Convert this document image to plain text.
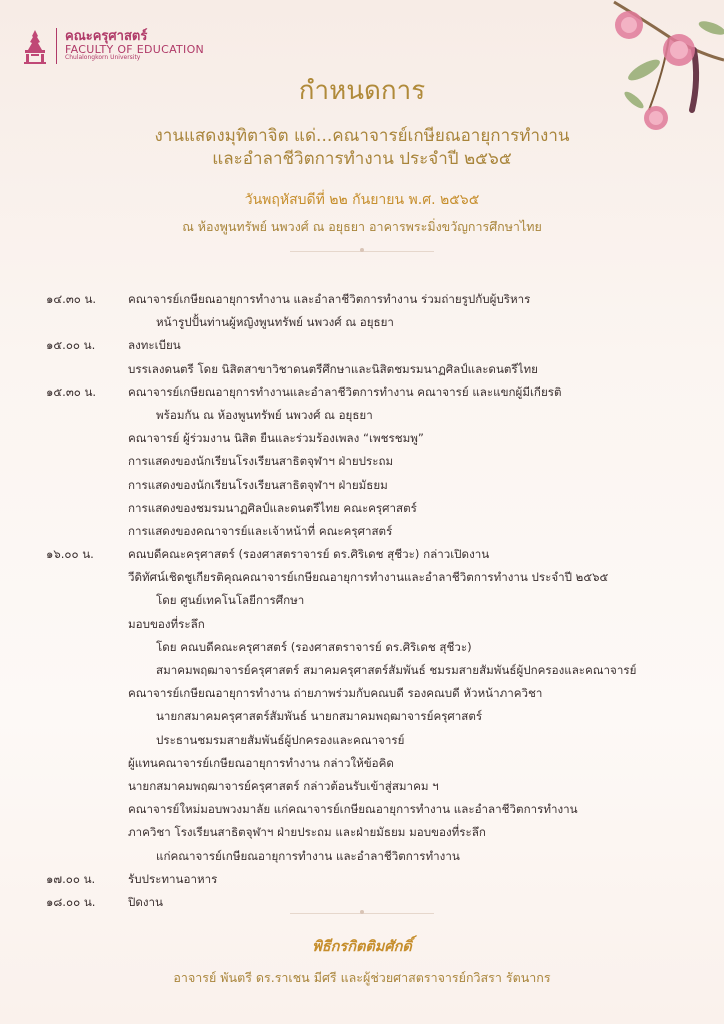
คณะครุศาสตร์
FACULTY OF EDUCATION
Chulalongkorn University
กำหนดการ
งานแสดงมุทิตาจิต แด่...คณาจารย์เกษียณอายุการทำงาน
และอำลาชีวิตการทำงาน ประจำปี ๒๕๖๕
วันพฤหัสบดีที่ ๒๒ กันยายน พ.ศ. ๒๕๖๕
ณ ห้องพูนทรัพย์ นพวงศ์ ณ อยุธยา อาคารพระมิ่งขวัญการศึกษาไทย
๑๔.๓๐ น.	คณาจารย์เกษียณอายุการทำงาน และอำลาชีวิตการทำงาน ร่วมถ่ายรูปกับผู้บริหาร
หน้ารูปปั้นท่านผู้หญิงพูนทรัพย์ นพวงศ์ ณ อยุธยา
๑๕.๐๐ น.	ลงทะเบียน
บรรเลงดนตรี โดย นิสิตสาขาวิชาดนตรีศึกษาและนิสิตชมรมนาฏศิลป์และดนตรีไทย
๑๕.๓๐ น.	คณาจารย์เกษียณอายุการทำงานและอำลาชีวิตการทำงาน คณาจารย์ และแขกผู้มีเกียรติ
พร้อมกัน ณ ห้องพูนทรัพย์ นพวงศ์ ณ อยุธยา
คณาจารย์ ผู้ร่วมงาน นิสิต ยืนและร่วมร้องเพลง “เพชรชมพู”
การแสดงของนักเรียนโรงเรียนสาธิตจุฬาฯ ฝ่ายประถม
การแสดงของนักเรียนโรงเรียนสาธิตจุฬาฯ ฝ่ายมัธยม
การแสดงของชมรมนาฏศิลป์และดนตรีไทย คณะครุศาสตร์
การแสดงของคณาจารย์และเจ้าหน้าที่ คณะครุศาสตร์
๑๖.๐๐ น.	คณบดีคณะครุศาสตร์ (รองศาสตราจารย์ ดร.ศิริเดช สุชีวะ) กล่าวเปิดงาน
วีดิทัศน์เชิดชูเกียรติคุณคณาจารย์เกษียณอายุการทำงานและอำลาชีวิตการทำงาน ประจำปี ๒๕๖๕
โดย ศูนย์เทคโนโลยีการศึกษา
มอบของที่ระลึก
โดย คณบดีคณะครุศาสตร์ (รองศาสตราจารย์ ดร.ศิริเดช สุชีวะ)
สมาคมพฤฒาจารย์ครุศาสตร์ สมาคมครุศาสตร์สัมพันธ์ ชมรมสายสัมพันธ์ผู้ปกครองและคณาจารย์
คณาจารย์เกษียณอายุการทำงาน ถ่ายภาพร่วมกับคณบดี รองคณบดี หัวหน้าภาควิชา
นายกสมาคมครุศาสตร์สัมพันธ์ นายกสมาคมพฤฒาจารย์ครุศาสตร์
ประธานชมรมสายสัมพันธ์ผู้ปกครองและคณาจารย์
ผู้แทนคณาจารย์เกษียณอายุการทำงาน กล่าวให้ข้อคิด
นายกสมาคมพฤฒาจารย์ครุศาสตร์ กล่าวต้อนรับเข้าสู่สมาคม ฯ
คณาจารย์ใหม่มอบพวงมาลัย แก่คณาจารย์เกษียณอายุการทำงาน และอำลาชีวิตการทำงาน
ภาควิชา โรงเรียนสาธิตจุฬาฯ ฝ่ายประถม และฝ่ายมัธยม มอบของที่ระลึก
แก่คณาจารย์เกษียณอายุการทำงาน และอำลาชีวิตการทำงาน
๑๗.๐๐ น.	รับประทานอาหาร
๑๘.๐๐ น.	ปิดงาน
พิธีกรกิตติมศักดิ์
อาจารย์ พันตรี ดร.ราเชน มีศรี และผู้ช่วยศาสตราจารย์กวิสรา รัตนากร
